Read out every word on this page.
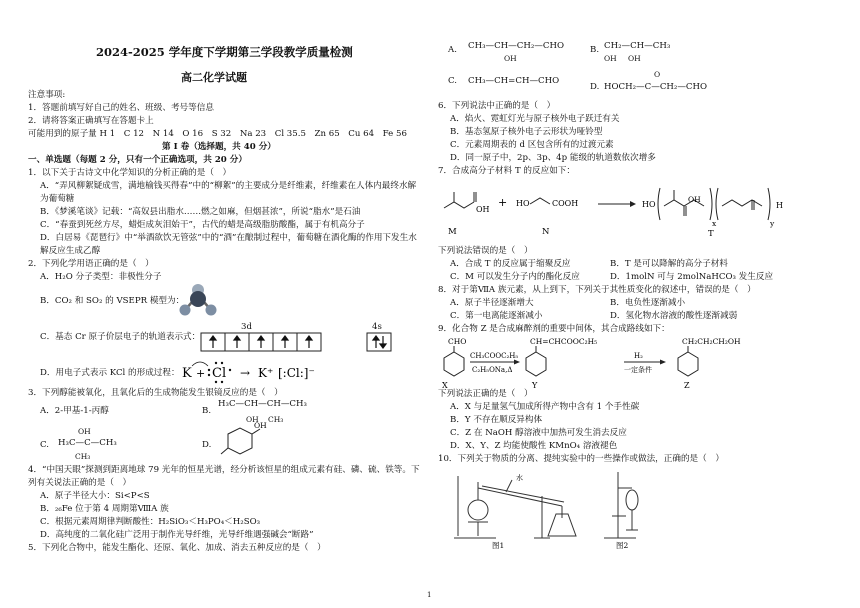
2024-2025 学年度下学期第三学段教学质量检测
高二化学试题
注意事项:
1．答题前填写好自己的姓名、班级、考号等信息
2．请将答案正确填写在答题卡上
可能用到的原子量 H 1　C 12　N 14　O 16　S 32　Na 23　Cl 35.5　Zn 65　Cu 64　Fe 56
第 I 卷（选择题，共 40 分）
一、单选题（每题 2 分，只有一个正确选项，共 20 分）
1．以下关于古诗文中化学知识的分析正确的是（　）
A．“弄风柳絮疑成雪，满地榆钱买得春”中的“柳絮”的主要成分是纤维素，纤维素在人体内最终水解
为葡萄糖
B．《梦溪笔谈》记载：“高奴县出脂水……燃之如麻，但烟甚浓”，所说“脂水”是石油
C．“春蚕到死丝方尽，蜡炬成灰泪始干”，古代的蜡是高级脂肪酸酯，属于有机高分子
D．白居易《琵琶行》中“举酒欲饮无管弦”中的“酒”在酿制过程中，葡萄糖在酒化酶的作用下发生水
解反应生成乙醇
2．下列化学用语正确的是（　）
A．H₂O 分子类型：非极性分子
B．CO₂ 和 SO₂ 的 VSEPR 模型为：
C．基态 Cr 原子价层电子的轨道表示式：
3d	4s
D．用电子式表示 KCl 的形成过程： K + Cl → K⁺ [:Cl:]⁻
3．下列醇能被氧化，且氧化后的生成物能发生银镜反应的是（　）
A．2-甲基-1-丙醇	B.
H₃C—CH—CH—CH₃
OH CH₃
C.
OH
H₃C—C—CH₃
CH₃
D.
OH
4．“中国天眼”探测到距离地球 79 光年的恒星光谱，经分析该恒星的组成元素有硅、磷、硫、铁等。下
列有关说法正确的是（　）
A．原子半径大小：Si<P<S
B．₂₆Fe 位于第 4 周期第ⅧA 族
C．根据元素周期律判断酸性：H₂SiO₃＜H₃PO₄＜H₂SO₃
D．高纯度的二氧化硅广泛用于制作光导纤维，光导纤维遇强碱会“断路”
5．下列化合物中，能发生酯化、还原、氧化、加成、消去五种反应的是（　）
A. CH₃—CH—CH₂—CHO
OH
B. CH₂—CH—CH₃
OH OH
C. CH₃—CH=CH—CHO
D.
O
HOCH₂—C—CH₂—CHO
6．下列说法中正确的是（　）
A．焰火、霓虹灯光与原子核外电子跃迁有关
B．基态氢原子核外电子云形状为哑铃型
C．元素周期表的 d 区包含所有的过渡元素
D．同一原子中，2p、3p、4p 能级的轨道数依次增多
7．合成高分子材料 T 的反应如下：
OH
M
+ HO	COOH
N
HO
OH
x	y
H
T
下列说法错误的是（　）
A．合成 T 的反应属于缩聚反应	B．T 是可以降解的高分子材料
C．M 可以发生分子内的酯化反应	D．1molN 可与 2molNaHCO₃ 发生反应
8．对于第ⅦA 族元素，从上到下，下列关于其性质变化的叙述中，错误的是（　）
A．原子半径逐渐增大	B．电负性逐渐减小
C．第一电离能逐渐减小	D．氢化物水溶液的酸性逐渐减弱
9．化合物 Z 是合成麻醉剂的重要中间体，其合成路线如下：
CHO
X
CH₃COOC₂H₅
C₂H₅ONa,Δ
CH=CHCOOC₂H₅
Y
H₂
一定条件
CH₂CH₂CH₂OH
Z
下列说法正确的是（　）
A．X 与足量氢气加成所得产物中含有 1 个手性碳
B．Y 不存在顺反异构体
C．Z 在 NaOH 醇溶液中加热可发生消去反应
D．X、Y、Z 均能使酸性 KMnO₄ 溶液褪色
10．下列关于物质的分离、提纯实验中的一些操作或做法，正确的是（　）
水
图1	图2
1
